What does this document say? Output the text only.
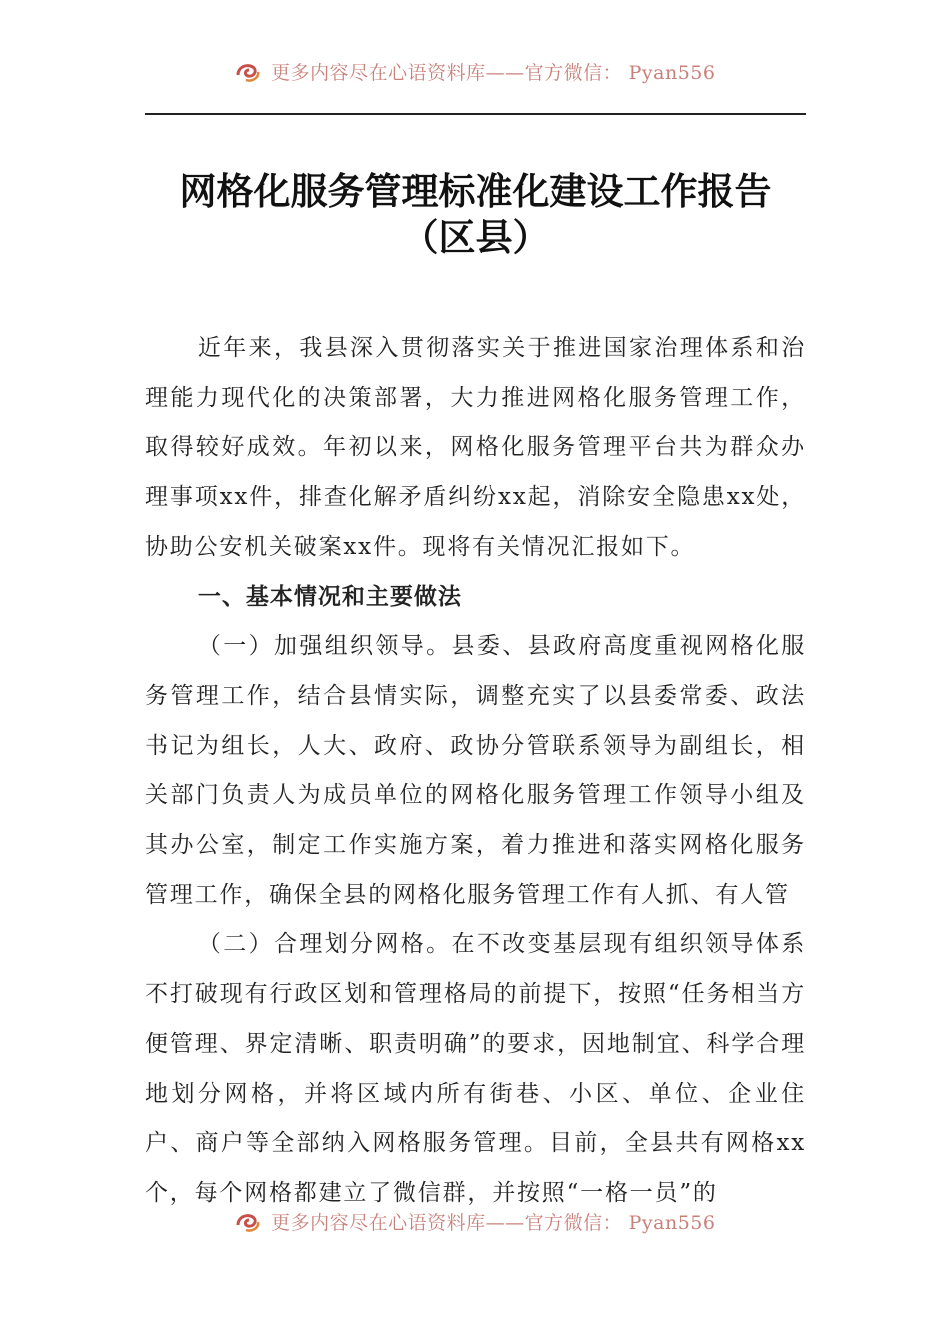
更多内容尽在心语资料库——官方微信： Pyan556
网格化服务管理标准化建设工作报告（区县）

近年来，我县深入贯彻落实关于推进国家治理体系和治理能力现代化的决策部署，大力推进网格化服务管理工作，取得较好成效。年初以来，网格化服务管理平台共为群众办理事项xx件，排查化解矛盾纠纷xx起，消除安全隐患xx处，协助公安机关破案xx件。现将有关情况汇报如下。

一、基本情况和主要做法

（一）加强组织领导。县委、县政府高度重视网格化服务管理工作，结合县情实际，调整充实了以县委常委、政法书记为组长，人大、政府、政协分管联系领导为副组长，相关部门负责人为成员单位的网格化服务管理工作领导小组及其办公室，制定工作实施方案，着力推进和落实网格化服务管理工作，确保全县的网格化服务管理工作有人抓、有人管

（二）合理划分网格。在不改变基层现有组织领导体系不打破现有行政区划和管理格局的前提下，按照“任务相当方便管理、界定清晰、职责明确”的要求，因地制宜、科学合理地划分网格，并将区域内所有街巷、小区、单位、企业住户、商户等全部纳入网格服务管理。目前，全县共有网格xx个，每个网格都建立了微信群，并按照“一格一员”的

更多内容尽在心语资料库——官方微信： Pyan556
